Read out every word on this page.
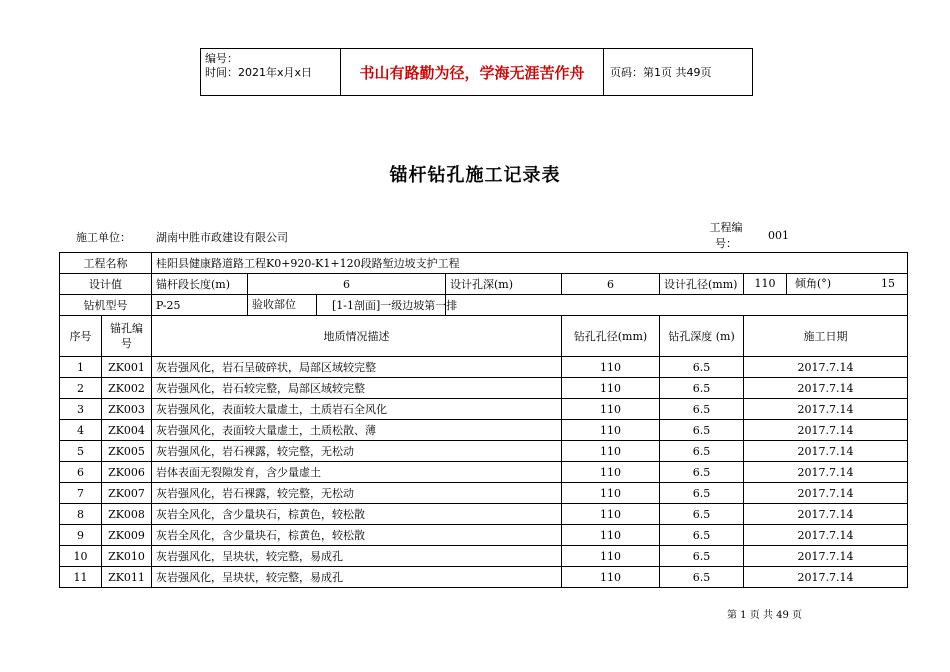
编号：
时间：2021年x月x日	书山有路勤为径，学海无涯苦作舟	页码：第1页 共49页
锚杆钻孔施工记录表
施工单位： 湖南中胜市政建设有限公司
工程编号：
001
工程名称		桂阳县健康路道路工程K0+920-K1+120段路堑边坡支护工程					
设计值		锚杆段长度(m)	6	设计孔深(m)	6	设计孔径(mm)	110 倾角(°) 15
钻机型号		P-25	验收部位	[1-1剖面]一级边坡第一排			
序号	锚孔编号	地质情况描述			钻孔孔径(mm)	钻孔深度 (m)	施工日期
1	ZK001	灰岩强风化，岩石呈破碎状，局部区域较完整			110	6.5	2017.7.14
2	ZK002	灰岩强风化，岩石较完整，局部区域较完整			110	6.5	2017.7.14
3	ZK003	灰岩强风化，表面较大量虚土，土质岩石全风化			110	6.5	2017.7.14
4	ZK004	灰岩强风化，表面较大量虚土，土质松散、薄			110	6.5	2017.7.14
5	ZK005	灰岩强风化，岩石裸露，较完整，无松动			110	6.5	2017.7.14
6	ZK006	岩体表面无裂隙发育，含少量虚土			110	6.5	2017.7.14
7	ZK007	灰岩强风化，岩石裸露，较完整，无松动			110	6.5	2017.7.14
8	ZK008	灰岩全风化，含少量块石，棕黄色，较松散			110	6.5	2017.7.14
9	ZK009	灰岩全风化，含少量块石，棕黄色，较松散			110	6.5	2017.7.14
10	ZK010	灰岩强风化，呈块状，较完整，易成孔			110	6.5	2017.7.14
11	ZK011	灰岩强风化，呈块状，较完整，易成孔			110	6.5	2017.7.14
第 1 页 共 49 页
